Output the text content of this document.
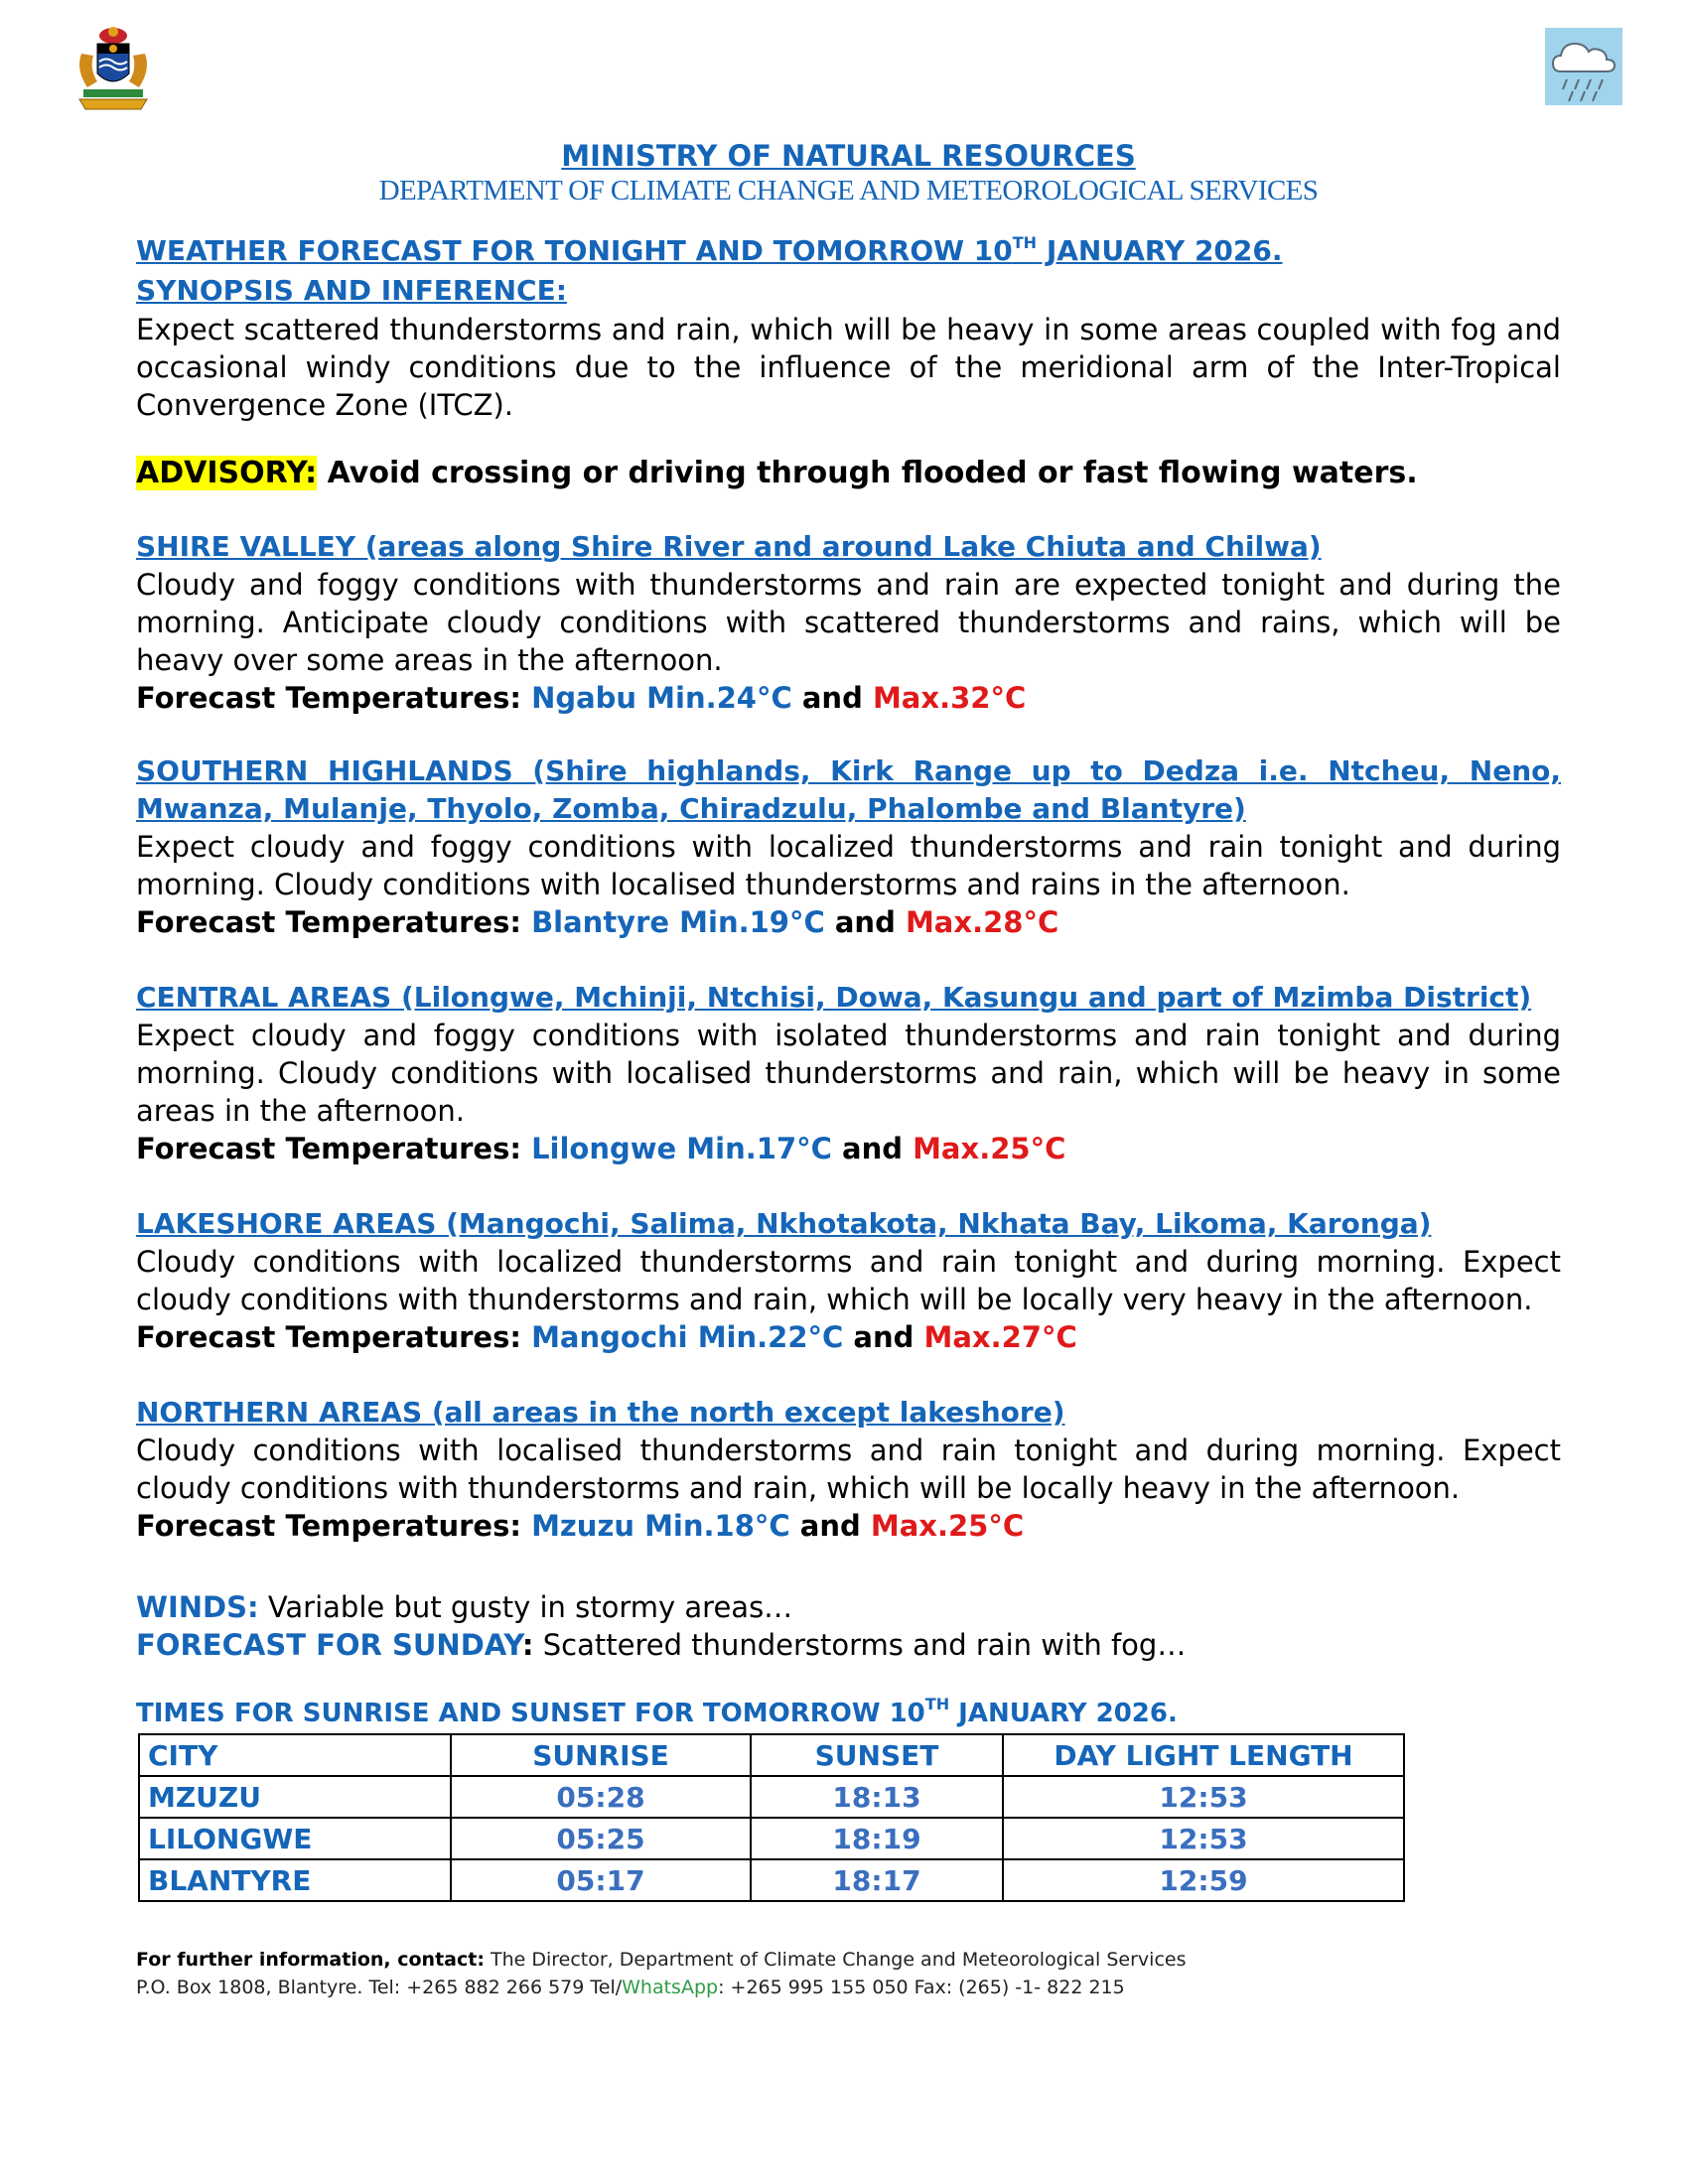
MINISTRY OF NATURAL RESOURCES
DEPARTMENT OF CLIMATE CHANGE AND METEOROLOGICAL SERVICES
WEATHER FORECAST FOR TONIGHT AND TOMORROW 10TH JANUARY 2026.
SYNOPSIS AND INFERENCE:
Expect scattered thunderstorms and rain, which will be heavy in some areas coupled with fog and occasional windy conditions due to the influence of the meridional arm of the Inter-Tropical Convergence Zone (ITCZ).
ADVISORY: Avoid crossing or driving through flooded or fast flowing waters.
SHIRE VALLEY (areas along Shire River and around Lake Chiuta and Chilwa)
Cloudy and foggy conditions with thunderstorms and rain are expected tonight and during the morning. Anticipate cloudy conditions with scattered thunderstorms and rains, which will be heavy over some areas in the afternoon.
Forecast Temperatures: Ngabu Min.24°C and Max.32°C
SOUTHERN HIGHLANDS (Shire highlands, Kirk Range up to Dedza i.e. Ntcheu, Neno, Mwanza, Mulanje, Thyolo, Zomba, Chiradzulu, Phalombe and Blantyre)
Expect cloudy and foggy conditions with localized thunderstorms and rain tonight and during morning. Cloudy conditions with localised thunderstorms and rains in the afternoon.
Forecast Temperatures: Blantyre Min.19°C and Max.28°C
CENTRAL AREAS (Lilongwe, Mchinji, Ntchisi, Dowa, Kasungu and part of Mzimba District)
Expect cloudy and foggy conditions with isolated thunderstorms and rain tonight and during morning. Cloudy conditions with localised thunderstorms and rain, which will be heavy in some areas in the afternoon.
Forecast Temperatures: Lilongwe Min.17°C and Max.25°C
LAKESHORE AREAS (Mangochi, Salima, Nkhotakota, Nkhata Bay, Likoma, Karonga)
Cloudy conditions with localized thunderstorms and rain tonight and during morning. Expect cloudy conditions with thunderstorms and rain, which will be locally very heavy in the afternoon.
Forecast Temperatures: Mangochi Min.22°C and Max.27°C
NORTHERN AREAS (all areas in the north except lakeshore)
Cloudy conditions with localised thunderstorms and rain tonight and during morning. Expect cloudy conditions with thunderstorms and rain, which will be locally heavy in the afternoon.
Forecast Temperatures: Mzuzu Min.18°C and Max.25°C
WINDS: Variable but gusty in stormy areas…
FORECAST FOR SUNDAY: Scattered thunderstorms and rain with fog…
TIMES FOR SUNRISE AND SUNSET FOR TOMORROW 10TH JANUARY 2026.
CITY	SUNRISE	SUNSET	DAY LIGHT LENGTH
MZUZU	05:28	18:13	12:53
LILONGWE	05:25	18:19	12:53
BLANTYRE	05:17	18:17	12:59
For further information, contact: The Director, Department of Climate Change and Meteorological Services
P.O. Box 1808, Blantyre. Tel: +265 882 266 579 Tel/WhatsApp: +265 995 155 050 Fax: (265) -1- 822 215
